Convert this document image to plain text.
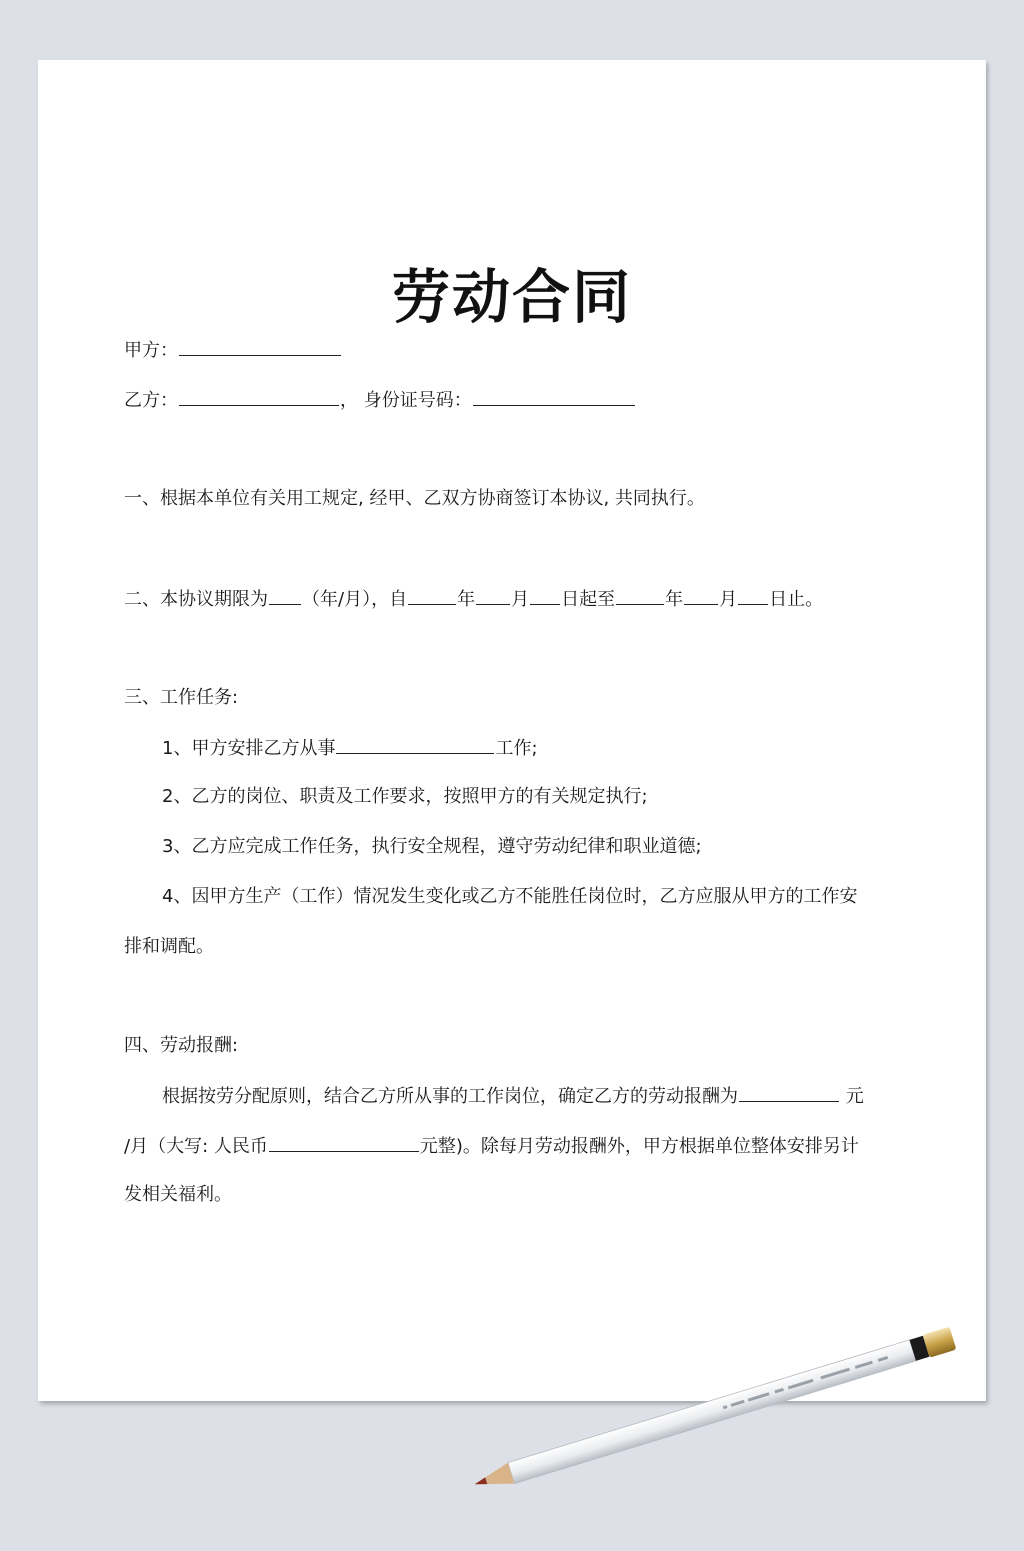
劳动合同
甲方：
乙方：	， 身份证号码：
一、根据本单位有关用工规定, 经甲、乙双方协商签订本协议, 共同执行。
二、本协议期限为 （年/月），自	年 月 日起至	年 月 日止。
三、工作任务:
1、甲方安排乙方从事	工作;
2、乙方的岗位、职责及工作要求，按照甲方的有关规定执行;
3、乙方应完成工作任务，执行安全规程，遵守劳动纪律和职业道德;
4、因甲方生产（工作）情况发生变化或乙方不能胜任岗位时，乙方应服从甲方的工作安
排和调配。
四、劳动报酬:
根据按劳分配原则，结合乙方所从事的工作岗位，确定乙方的劳动报酬为	元
/月（大写: 人民币	元整)。除每月劳动报酬外，甲方根据单位整体安排另计
发相关福利。
